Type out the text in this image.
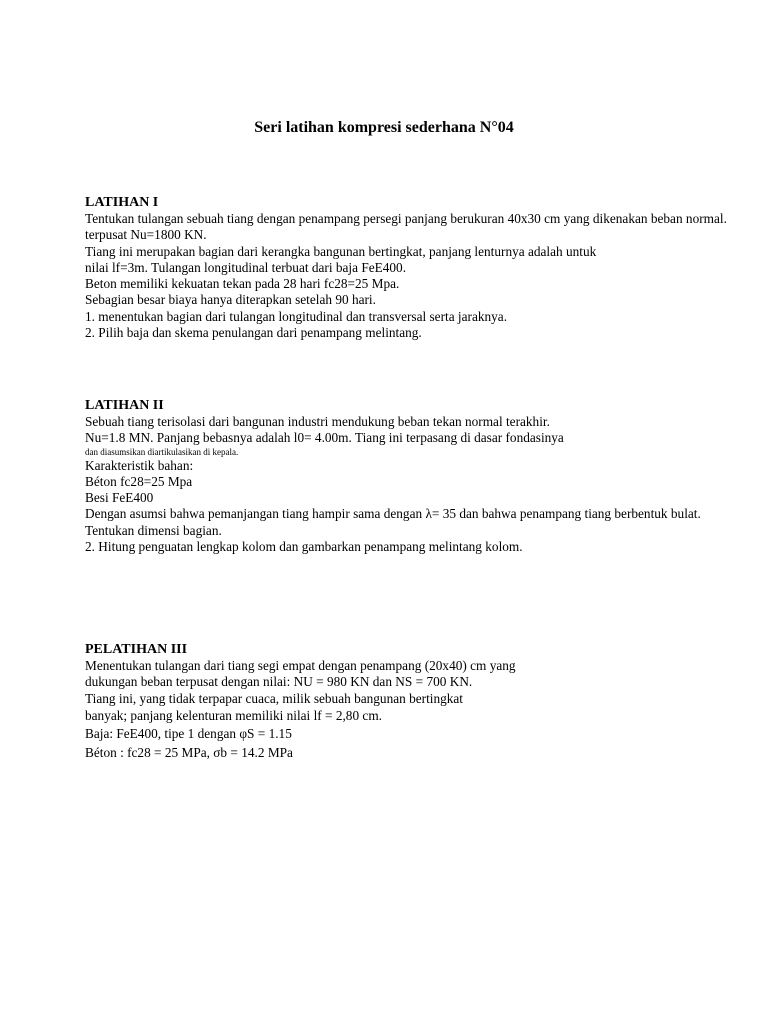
Seri latihan kompresi sederhana N°04
LATIHAN I
Tentukan tulangan sebuah tiang dengan penampang persegi panjang berukuran 40x30 cm yang dikenakan beban normal.
terpusat Nu=1800 KN.
Tiang ini merupakan bagian dari kerangka bangunan bertingkat, panjang lenturnya adalah untuk
nilai lf=3m. Tulangan longitudinal terbuat dari baja FeE400.
Beton memiliki kekuatan tekan pada 28 hari fc28=25 Mpa.
Sebagian besar biaya hanya diterapkan setelah 90 hari.
1. menentukan bagian dari tulangan longitudinal dan transversal serta jaraknya.
2. Pilih baja dan skema penulangan dari penampang melintang.
LATIHAN II
Sebuah tiang terisolasi dari bangunan industri mendukung beban tekan normal terakhir.
Nu=1.8 MN. Panjang bebasnya adalah l0= 4.00m. Tiang ini terpasang di dasar fondasinya
dan diasumsikan diartikulasikan di kepala.
Karakteristik bahan:
Béton fc28=25 Mpa
Besi FeE400
Dengan asumsi bahwa pemanjangan tiang hampir sama dengan λ= 35 dan bahwa penampang tiang berbentuk bulat.
Tentukan dimensi bagian.
2. Hitung penguatan lengkap kolom dan gambarkan penampang melintang kolom.
PELATIHAN III
Menentukan tulangan dari tiang segi empat dengan penampang (20x40) cm yang
dukungan beban terpusat dengan nilai: NU = 980 KN dan NS = 700 KN.
Tiang ini, yang tidak terpapar cuaca, milik sebuah bangunan bertingkat
banyak; panjang kelenturan memiliki nilai lf = 2,80 cm.
Baja: FeE400, tipe 1 dengan φS = 1.15
Béton : fc28 = 25 MPa, σb = 14.2 MPa
